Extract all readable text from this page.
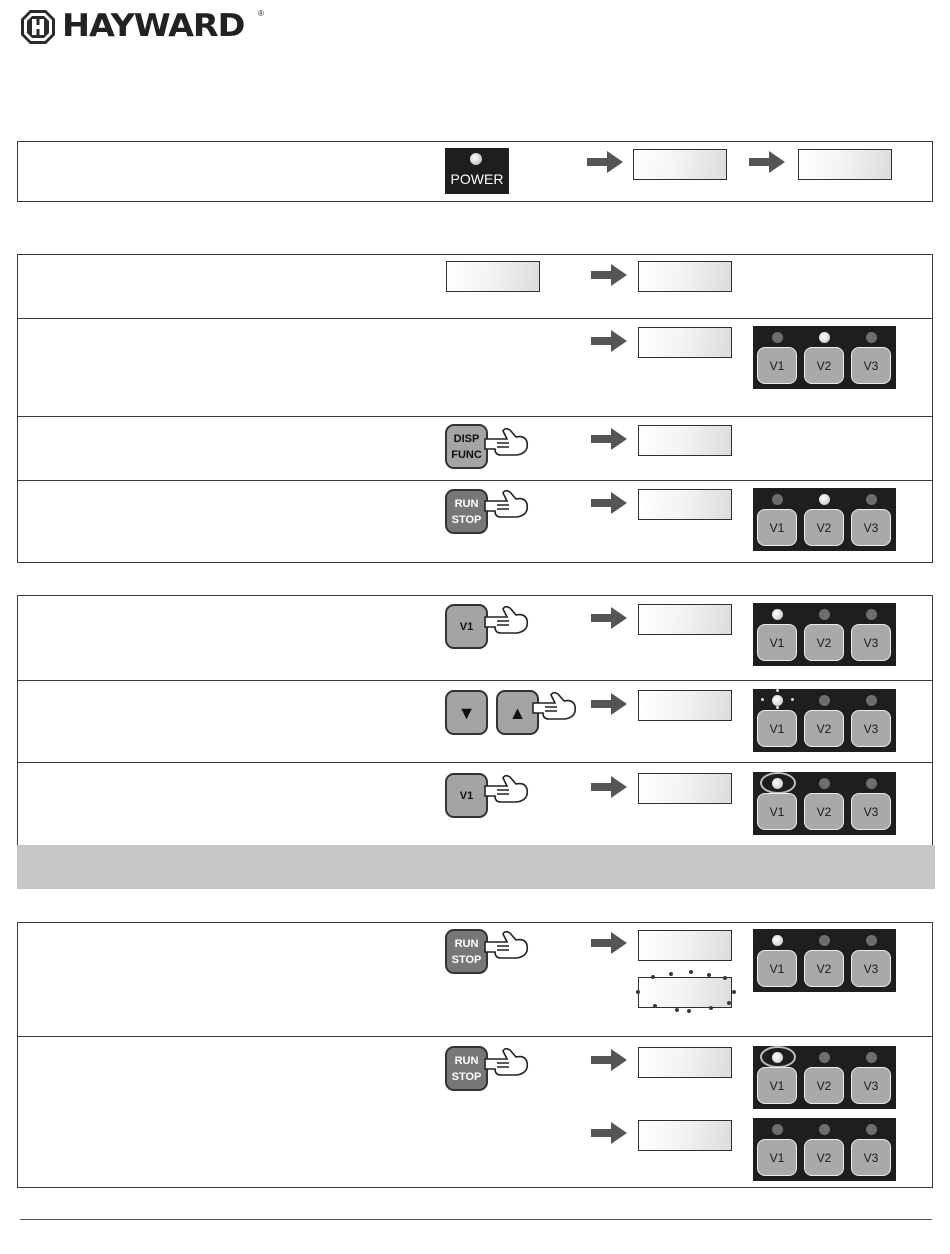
HAYWARD ®
POWER
V1	V2	V3
DISP
FUNC
RUN
STOP
V1	V2	V3
V1
V1	V2	V3
▼ ▲
V1	V2	V3
V1
V1	V2	V3
RUN
STOP
V1	V2	V3
RUN
STOP
V1	V2	V3
V1	V2	V3
